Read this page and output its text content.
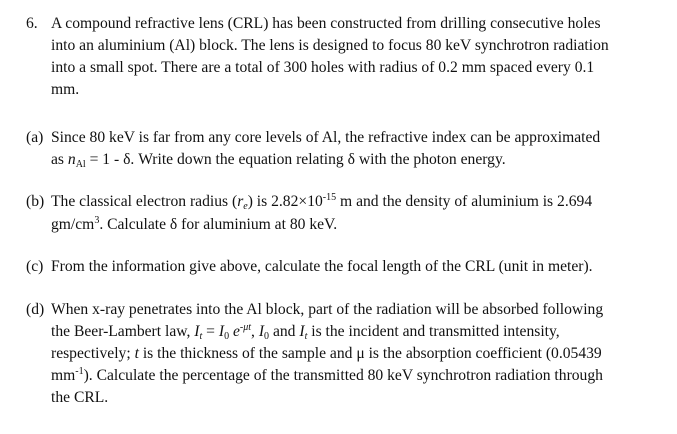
6. A compound refractive lens (CRL) has been constructed from drilling consecutive holes
into an aluminium (Al) block. The lens is designed to focus 80 keV synchrotron radiation
into a small spot. There are a total of 300 holes with radius of 0.2 mm spaced every 0.1
mm.
(a) Since 80 keV is far from any core levels of Al, the refractive index can be approximated
as $n_{Al} = 1 - \delta$. Write down the equation relating δ with the photon energy.
(b) The classical electron radius $(r_e)$ is $2.82\times 10^{-15}$ m and the density of aluminium is 2.694
$gm/cm^3$. Calculate δ for aluminium at 80 keV.
(c) From the information give above, calculate the focal length of the CRL (unit in meter).
(d) When x-ray penetrates into the Al block, part of the radiation will be absorbed following
the Beer-Lambert law, $I_t = I_0$ $e^{-\mu t}$, $I_0$ and $I_t$ is the incident and transmitted intensity,
respectively; t is the thickness of the sample and μ is the absorption coefficient (0.05439
$mm^{-1}$). Calculate the percentage of the transmitted 80 keV synchrotron radiation through
the CRL.
